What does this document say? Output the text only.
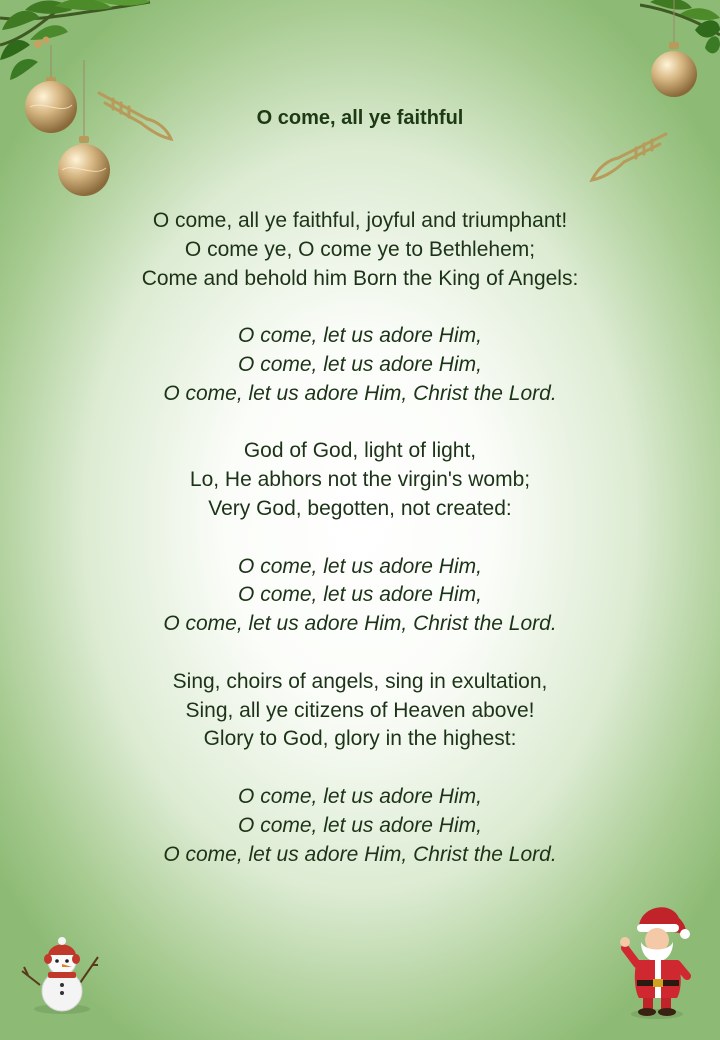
O come, all ye faithful
O come, all ye faithful, joyful and triumphant!
O come ye, O come ye to Bethlehem;
Come and behold him Born the King of Angels:
O come, let us adore Him,
O come, let us adore Him,
O come, let us adore Him, Christ the Lord.
God of God, light of light,
Lo, He abhors not the virgin's womb;
Very God, begotten, not created:
O come, let us adore Him,
O come, let us adore Him,
O come, let us adore Him, Christ the Lord.
Sing, choirs of angels, sing in exultation,
Sing, all ye citizens of Heaven above!
Glory to God, glory in the highest:
O come, let us adore Him,
O come, let us adore Him,
O come, let us adore Him, Christ the Lord.
